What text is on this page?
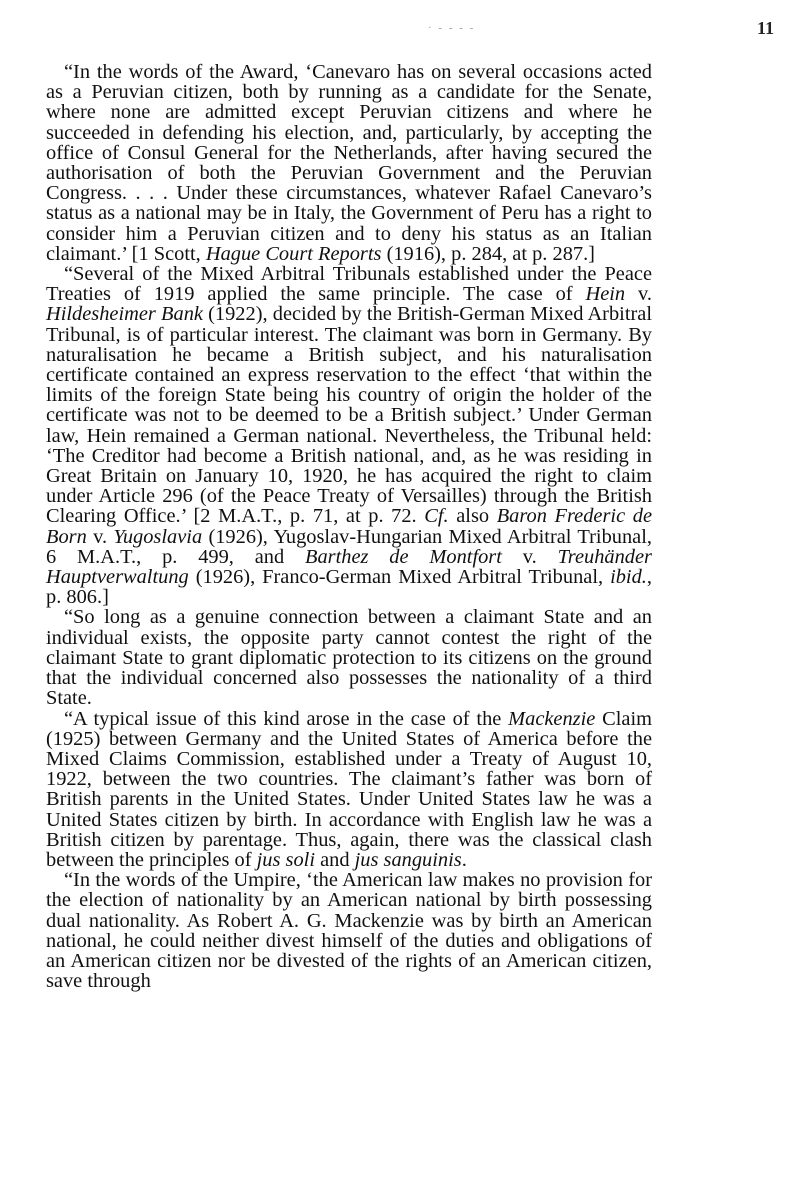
· - - - -	11

“In the words of the Award, ‘Canevaro has on several occasions acted as a Peruvian citizen, both by running as a candidate for the Senate, where none are admitted except Peruvian citizens and where he succeeded in defending his election, and, particularly, by accepting the office of Consul General for the Netherlands, after having secured the authorisation of both the Peruvian Government and the Peruvian Congress. . . . Under these circumstances, whatever Rafael Canevaro’s status as a national may be in Italy, the Government of Peru has a right to consider him a Peruvian citizen and to deny his status as an Italian claimant.’ [1 Scott, Hague Court Reports (1916), p. 284, at p. 287.]

“Several of the Mixed Arbitral Tribunals established under the Peace Treaties of 1919 applied the same principle. The case of Hein v. Hildesheimer Bank (1922), decided by the British-German Mixed Arbitral Tribunal, is of particular interest. The claimant was born in Germany. By naturalisation he became a British subject, and his naturalisation certificate contained an express reservation to the effect ‘that within the limits of the foreign State being his country of origin the holder of the certificate was not to be deemed to be a British subject.’ Under German law, Hein remained a German national. Nevertheless, the Tribunal held: ‘The Creditor had become a British national, and, as he was residing in Great Britain on January 10, 1920, he has acquired the right to claim under Article 296 (of the Peace Treaty of Versailles) through the British Clearing Office.’ [2 M.A.T., p. 71, at p. 72. Cf. also Baron Frederic de Born v. Yugoslavia (1926), Yugoslav-Hungarian Mixed Arbitral Tribunal, 6 M.A.T., p. 499, and Barthez de Montfort v. Treuhänder Hauptverwaltung (1926), Franco-German Mixed Arbitral Tribunal, ibid., p. 806.]

“So long as a genuine connection between a claimant State and an individual exists, the opposite party cannot contest the right of the claimant State to grant diplomatic protection to its citizens on the ground that the individual concerned also possesses the nationality of a third State.

“A typical issue of this kind arose in the case of the Mackenzie Claim (1925) between Germany and the United States of America before the Mixed Claims Commission, established under a Treaty of August 10, 1922, between the two countries. The claimant’s father was born of British parents in the United States. Under United States law he was a United States citizen by birth. In accordance with English law he was a British citizen by parentage. Thus, again, there was the classical clash between the principles of jus soli and jus sanguinis.

“In the words of the Umpire, ‘the American law makes no provision for the election of nationality by an American national by birth possessing dual nationality. As Robert A. G. Mackenzie was by birth an American national, he could neither divest himself of the duties and obligations of an American citizen nor be divested of the rights of an American citizen, save through
